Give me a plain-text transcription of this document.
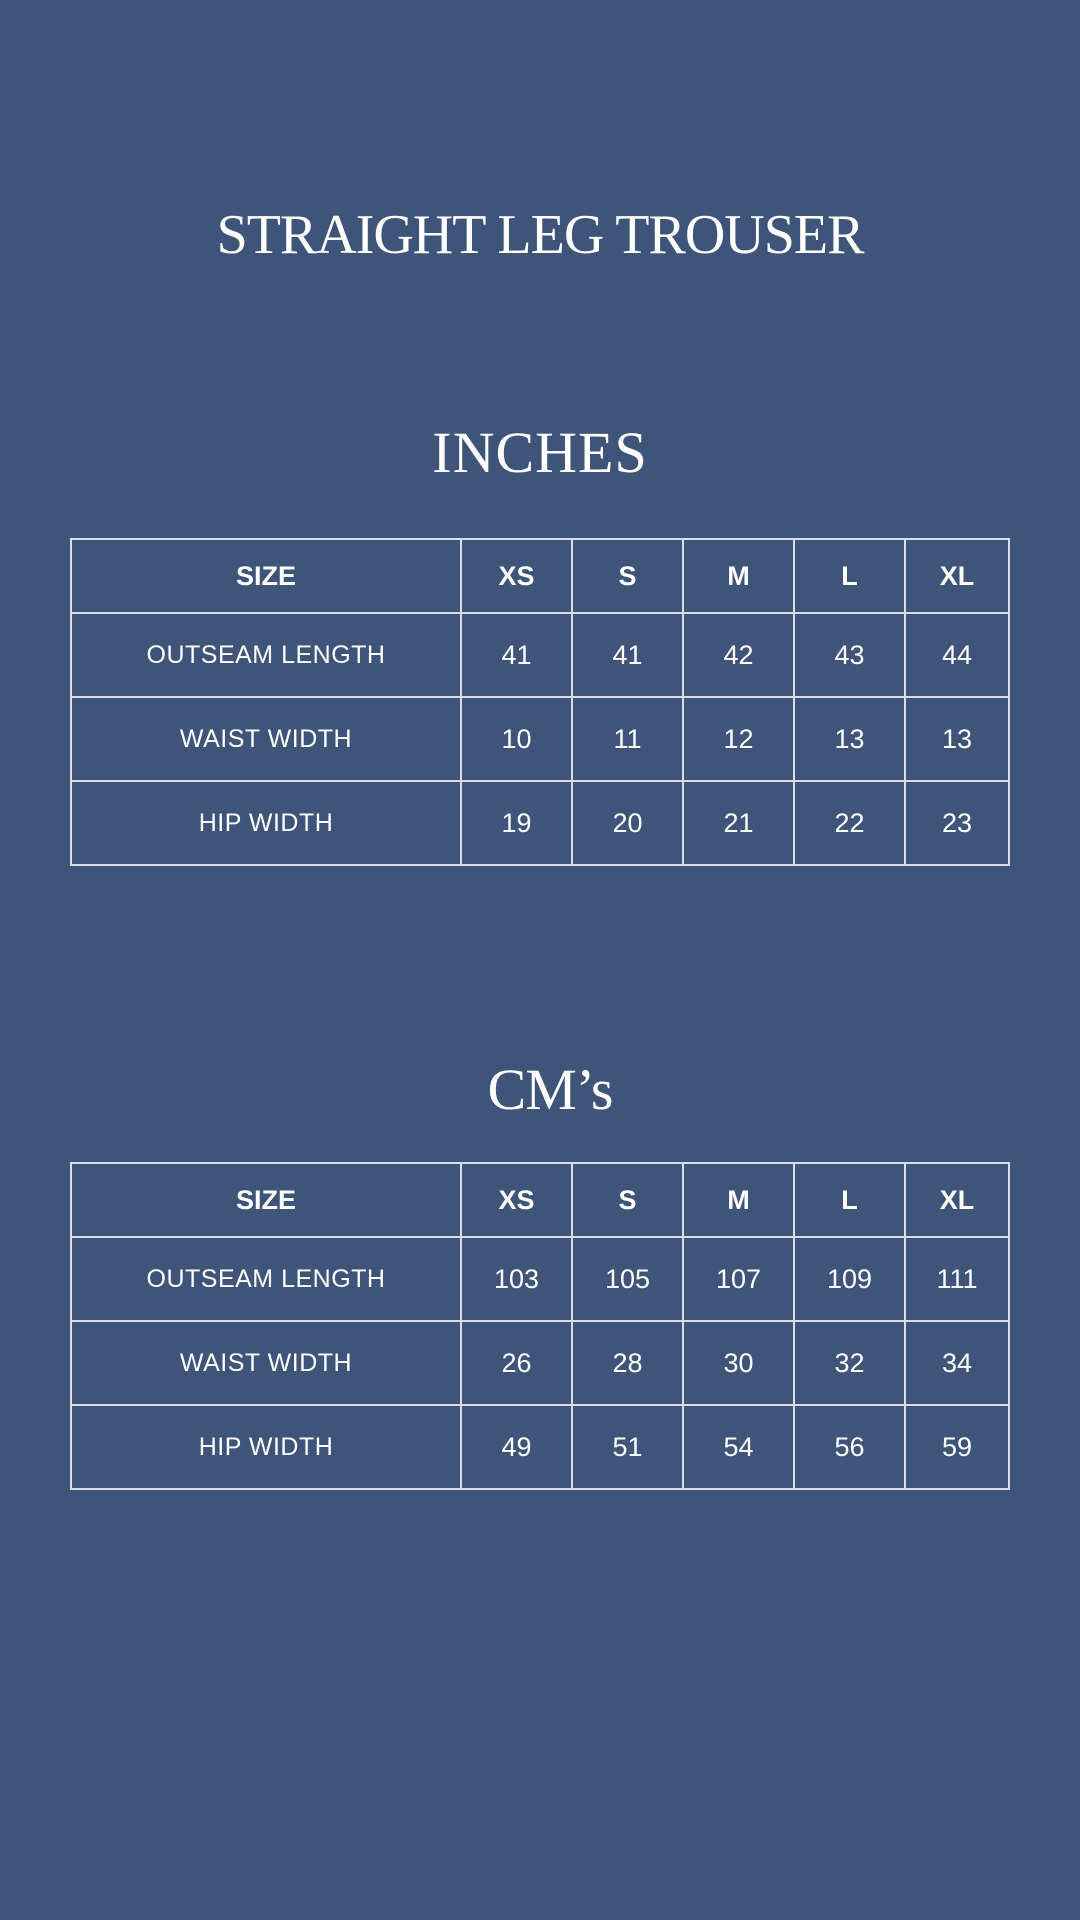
STRAIGHT LEG TROUSER
INCHES
SIZE	XS	S	M	L	XL
OUTSEAM LENGTH	41	41	42	43	44
WAIST WIDTH	10	11	12	13	13
HIP WIDTH	19	20	21	22	23
CM’s
SIZE	XS	S	M	L	XL
OUTSEAM LENGTH	103	105	107	109	111
WAIST WIDTH	26	28	30	32	34
HIP WIDTH	49	51	54	56	59
